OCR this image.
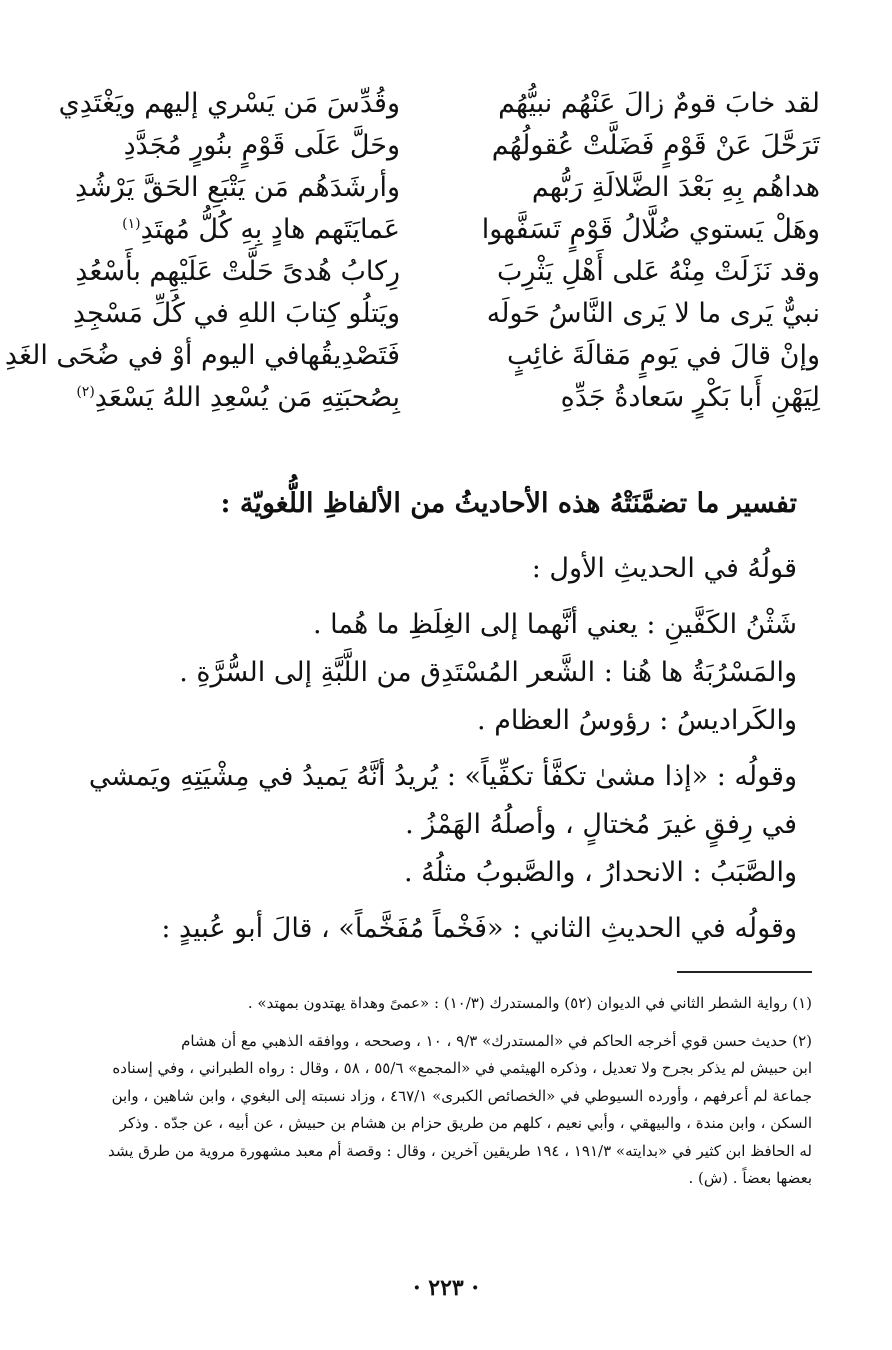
لقد خابَ قومٌ زالَ عَنْهُم نبيُّهُم
وقُدِّسَ مَن يَسْري إليهم ويَغْتَدِي
تَرَحَّلَ عَنْ قَوْمٍ فَضَلَّتْ عُقولُهُم
وحَلَّ عَلَى قَوْمٍ بنُورٍ مُجَدَّدِ
هداهُم بِهِ بَعْدَ الضَّلالَةِ رَبُّهم
وأرشَدَهُم مَن يَتْبَعِ الحَقَّ يَرْشُدِ
وهَلْ يَستوي ضُلَّالُ قَوْمٍ تَسَفَّهوا
عَمايَتَهم هادٍ بِهِ كُلُّ مُهتَدِ$^{(١)}$
وقد نَزَلَتْ مِنْهُ عَلى أَهْلِ يَثْرِبَ
رِكابُ هُدىً حَلَّتْ عَلَيْهِم بأَسْعُدِ
نبيٌّ يَرى ما لا يَرى النَّاسُ حَولَه
ويَتلُو كِتابَ اللهِ في كُلِّ مَسْجِدِ
وإنْ قالَ في يَومٍ مَقالَةَ غائِبٍ
فَتَصْدِيقُهافي اليوم أوْ في ضُحَى الغَدِ
لِيَهْنِ أَبا بَكْرٍ سَعادةُ جَدِّهِ
بِصُحبَتِهِ مَن يُسْعِدِ اللهُ يَسْعَدِ$^{(٢)}$
تفسير ما تضمَّنَتْهُ هذه الأحاديثُ من الألفاظِ اللُّغويّة :
قولُهُ في الحديثِ الأول :
شَثْنُ الكَفَّينِ : يعني أنَّهما إلى الغِلَظِ ما هُما .
والمَسْرُبَةُ ها هُنا : الشَّعر المُسْتَدِق من اللَّبَّةِ إلى السُّرَّةِ .
والكَراديسُ : رؤوسُ العظام .
وقولُه : «إذا مشىٰ تكفَّأ تكفِّياً» : يُريدُ أنَّهُ يَميدُ في مِشْيَتِهِ ويَمشي
في رِفقٍ غيرَ مُختالٍ ، وأصلُهُ الهَمْزُ .
والصَّبَبُ : الانحدارُ ، والصَّبوبُ مثلُهُ .
وقولُه في الحديثِ الثاني : «فَخْماً مُفَخَّماً» ، قالَ أبو عُبيدٍ :
(١) رواية الشطر الثاني في الديوان (٥٢) والمستدرك (١٠/٣) : «عمىً وهداة يهتدون بمهتد» .
(٢) حديث حسن قوي أخرجه الحاكم في «المستدرك» ٩/٣ ، ١٠ ، وصححه ، ووافقه الذهبي مع أن هشام
ابن حبيش لم يذكر بجرح ولا تعديل ، وذكره الهيثمي في «المجمع» ٥٥/٦ ، ٥٨ ، وقال : رواه الطبراني ، وفي إسناده
جماعة لم أعرفهم ، وأورده السيوطي في «الخصائص الكبرى» ٤٦٧/١ ، وزاد نسبته إلى البغوي ، وابن شاهين ، وابن
السكن ، وابن مندة ، والبيهقي ، وأبي نعيم ، كلهم من طريق حزام بن هشام بن حبيش ، عن أبيه ، عن جدّه . وذكر
له الحافظ ابن كثير في «بدايته» ١٩١/٣ ، ١٩٤ طريقين آخرين ، وقال : وقصة أم معبد مشهورة مروية من طرق يشد
بعضها بعضاً . (ش) .
· ٢٢٣ ·
